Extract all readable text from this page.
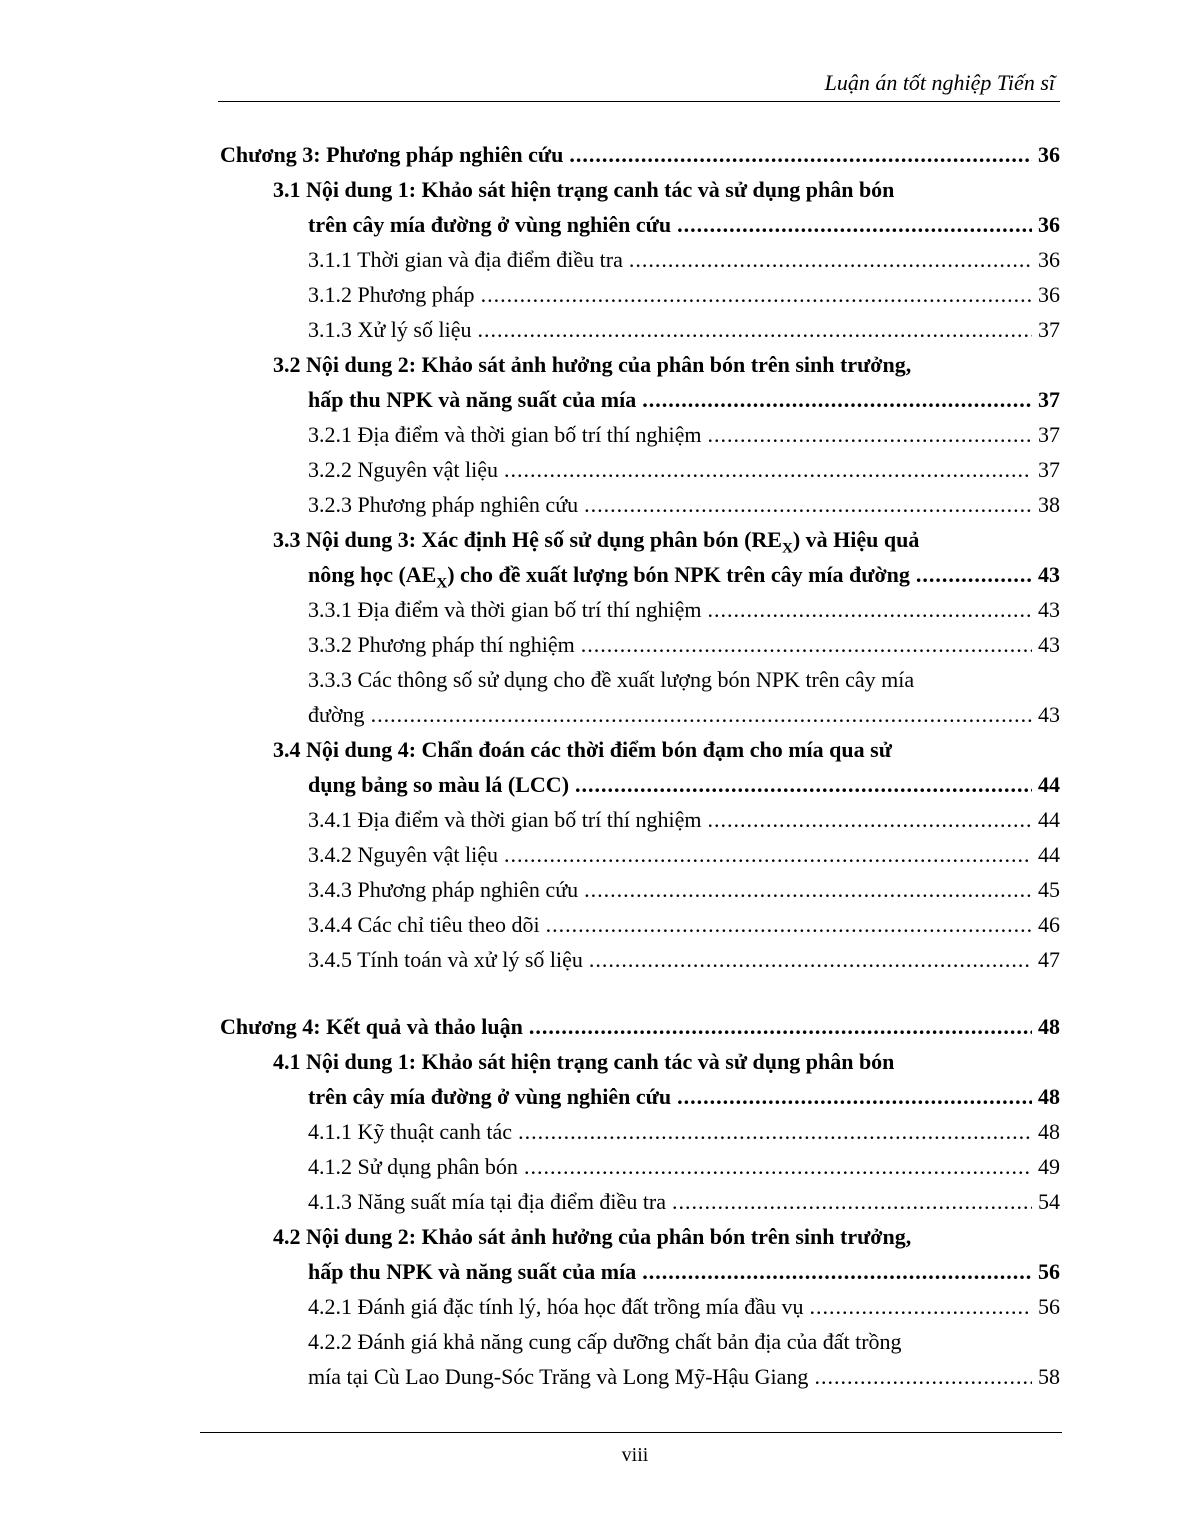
Luận án tốt nghiệp Tiến sĩ
Chương 3: Phương pháp nghiên cứu .....	36
3.1 Nội dung 1: Khảo sát hiện trạng canh tác và sử dụng phân bón
trên cây mía đường ở vùng nghiên cứu .....	36
3.1.1 Thời gian và địa điểm điều tra .....	36
3.1.2 Phương pháp .....	36
3.1.3 Xử lý số liệu .....	37
3.2 Nội dung 2: Khảo sát ảnh hưởng của phân bón trên sinh trưởng,
hấp thu NPK và năng suất của mía .....	37
3.2.1 Địa điểm và thời gian bố trí thí nghiệm .....	37
3.2.2 Nguyên vật liệu .....	37
3.2.3 Phương pháp nghiên cứu .....	38
3.3 Nội dung 3: Xác định Hệ số sử dụng phân bón $(RE_X)$ và Hiệu quả
nông học $(AE_X)$ cho đề xuất lượng bón NPK trên cây mía đường .....	43
3.3.1 Địa điểm và thời gian bố trí thí nghiệm .....	43
3.3.2 Phương pháp thí nghiệm .....	43
3.3.3 Các thông số sử dụng cho đề xuất lượng bón NPK trên cây mía
đường .....	43
3.4 Nội dung 4: Chẩn đoán các thời điểm bón đạm cho mía qua sử
dụng bảng so màu lá (LCC) .....	44
3.4.1 Địa điểm và thời gian bố trí thí nghiệm .....	44
3.4.2 Nguyên vật liệu .....	44
3.4.3 Phương pháp nghiên cứu .....	45
3.4.4 Các chỉ tiêu theo dõi .....	46
3.4.5 Tính toán và xử lý số liệu .....	47
Chương 4: Kết quả và thảo luận .....	48
4.1 Nội dung 1: Khảo sát hiện trạng canh tác và sử dụng phân bón
trên cây mía đường ở vùng nghiên cứu .....	48
4.1.1 Kỹ thuật canh tác .....	48
4.1.2 Sử dụng phân bón .....	49
4.1.3 Năng suất mía tại địa điểm điều tra .....	54
4.2 Nội dung 2: Khảo sát ảnh hưởng của phân bón trên sinh trưởng,
hấp thu NPK và năng suất của mía .....	56
4.2.1 Đánh giá đặc tính lý, hóa học đất trồng mía đầu vụ .....	56
4.2.2 Đánh giá khả năng cung cấp dưỡng chất bản địa của đất trồng
mía tại Cù Lao Dung-Sóc Trăng và Long Mỹ-Hậu Giang .....	58
viii
